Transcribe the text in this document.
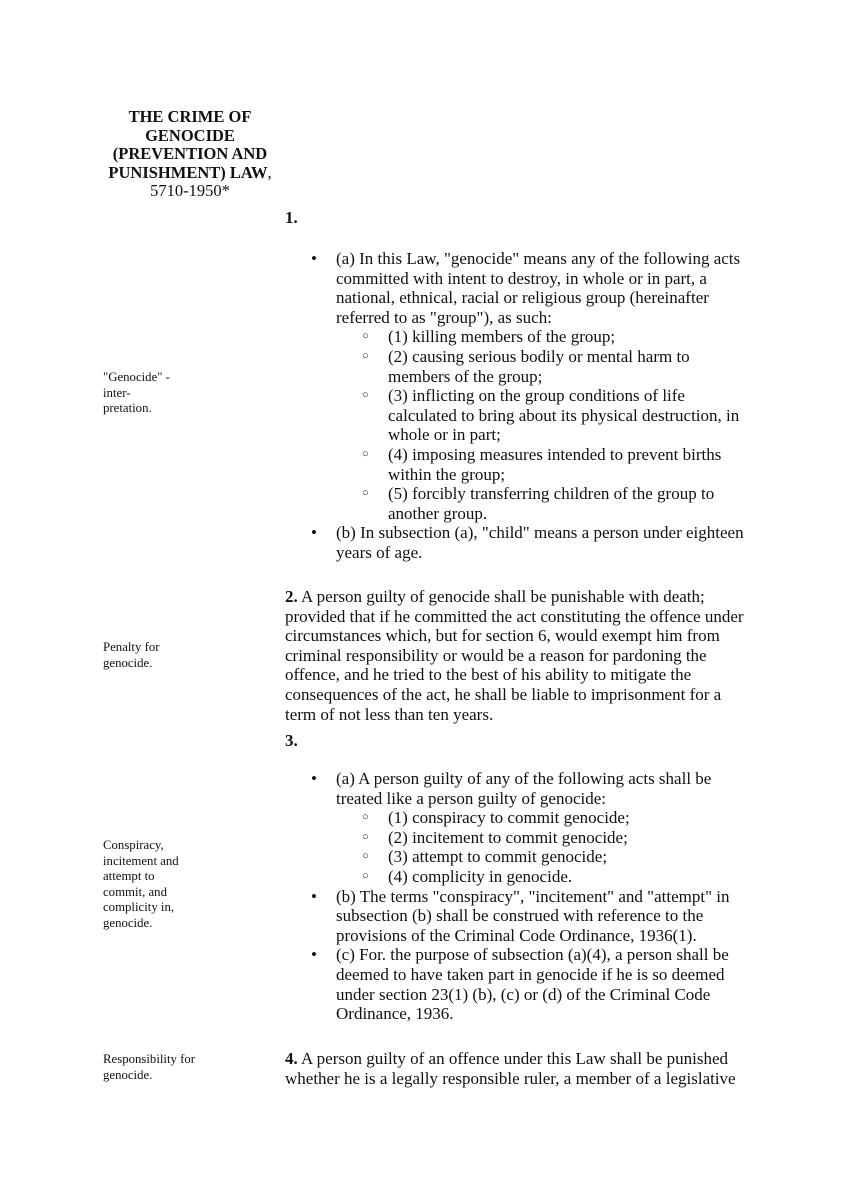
THE CRIME OF
GENOCIDE
(PREVENTION AND
PUNISHMENT) LAW,
5710-1950*
"Genocide" -
inter-
pretation.
Penalty for
genocide.
Conspiracy,
incitement and
attempt to
commit, and
complicity in,
genocide.
Responsibility for
genocide.
1.
• (a) In this Law, "genocide" means any of the following acts committed with intent to destroy, in whole or in part, a national, ethnical, racial or religious group (hereinafter referred to as "group"), as such:
○ (1) killing members of the group;
○ (2) causing serious bodily or mental harm to members of the group;
○ (3) inflicting on the group conditions of life calculated to bring about its physical destruction, in whole or in part;
○ (4) imposing measures intended to prevent births within the group;
○ (5) forcibly transferring children of the group to another group.
• (b) In subsection (a), "child" means a person under eighteen years of age.

2. A person guilty of genocide shall be punishable with death; provided that if he committed the act constituting the offence under circumstances which, but for section 6, would exempt him from criminal responsibility or would be a reason for pardoning the offence, and he tried to the best of his ability to mitigate the consequences of the act, he shall be liable to imprisonment for a term of not less than ten years.

3.
• (a) A person guilty of any of the following acts shall be treated like a person guilty of genocide:
○ (1) conspiracy to commit genocide;
○ (2) incitement to commit genocide;
○ (3) attempt to commit genocide;
○ (4) complicity in genocide.
• (b) The terms "conspiracy", "incitement" and "attempt" in subsection (b) shall be construed with reference to the provisions of the Criminal Code Ordinance, 1936(1).
• (c) For. the purpose of subsection (a)(4), a person shall be deemed to have taken part in genocide if he is so deemed under section 23(1) (b), (c) or (d) of the Criminal Code Ordinance, 1936.

4. A person guilty of an offence under this Law shall be punished whether he is a legally responsible ruler, a member of a legislative
